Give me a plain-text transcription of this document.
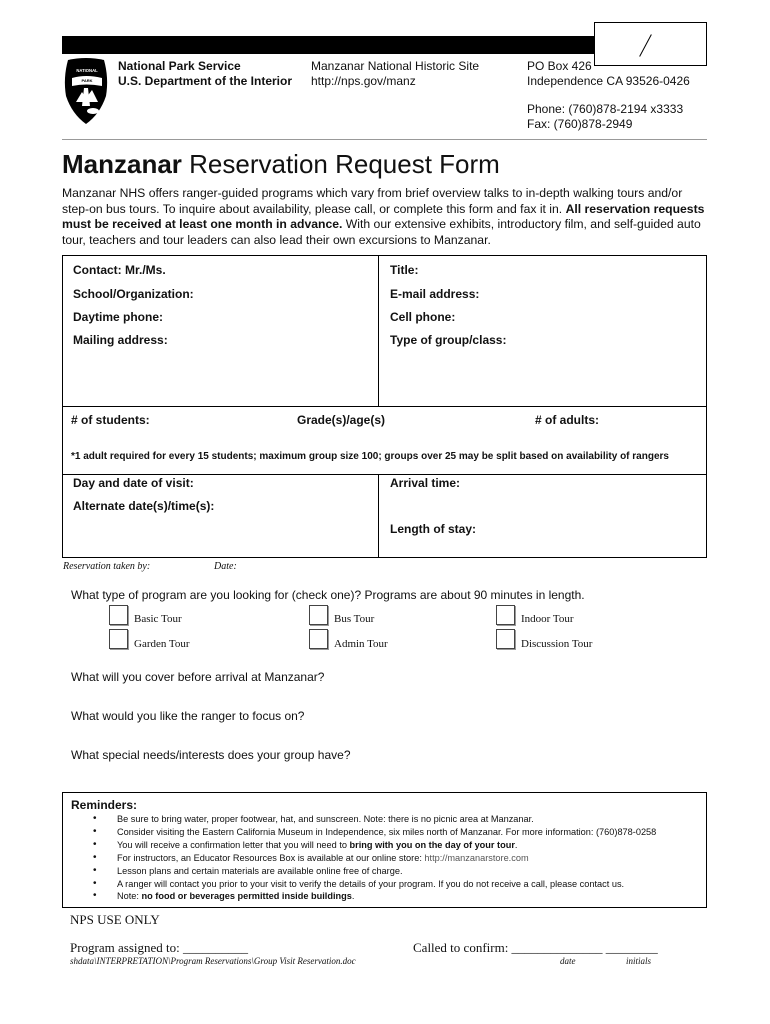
NATIONAL
PARK
National Park Service
U.S. Department of the Interior
Manzanar National Historic Site
http://nps.gov/manz
PO Box 426
Independence CA 93526-0426
Phone: (760)878-2194 x3333
Fax: (760)878-2949
Manzanar Reservation Request Form
Manzanar NHS offers ranger-guided programs which vary from brief overview talks to in-depth walking tours and/or step-on bus tours. To inquire about availability, please call, or complete this form and fax it in. All reservation requests must be received at least one month in advance. With our extensive exhibits, introductory film, and self-guided auto tour, teachers and tour leaders can also lead their own excursions to Manzanar.
Contact: Mr./Ms.	Title:
School/Organization:	E-mail address:
Daytime phone:	Cell phone:
Mailing address:	Type of group/class:
# of students:	Grade(s)/age(s)	# of adults:
*1 adult required for every 15 students; maximum group size 100; groups over 25 may be split based on availability of rangers
Day and date of visit:	Arrival time:
Alternate date(s)/time(s):
Length of stay:
Reservation taken by:	Date:
What type of program are you looking for (check one)? Programs are about 90 minutes in length.
Basic Tour	Bus Tour	Indoor Tour
Garden Tour	Admin Tour	Discussion Tour
What will you cover before arrival at Manzanar?
What would you like the ranger to focus on?
What special needs/interests does your group have?
Reminders:
• Be sure to bring water, proper footwear, hat, and sunscreen. Note: there is no picnic area at Manzanar.
• Consider visiting the Eastern California Museum in Independence, six miles north of Manzanar. For more information: (760)878-0258
• You will receive a confirmation letter that you will need to bring with you on the day of your tour.
• For instructors, an Educator Resources Box is available at our online store: http://manzanarstore.com
• Lesson plans and certain materials are available online free of charge.
• A ranger will contact you prior to your visit to verify the details of your program. If you do not receive a call, please contact us.
• Note: no food or beverages permitted inside buildings.
NPS USE ONLY
Program assigned to: __________	Called to confirm: ______________ ________
shdata\INTERPRETATION\Program Reservations\Group Visit Reservation.doc	date	initials
